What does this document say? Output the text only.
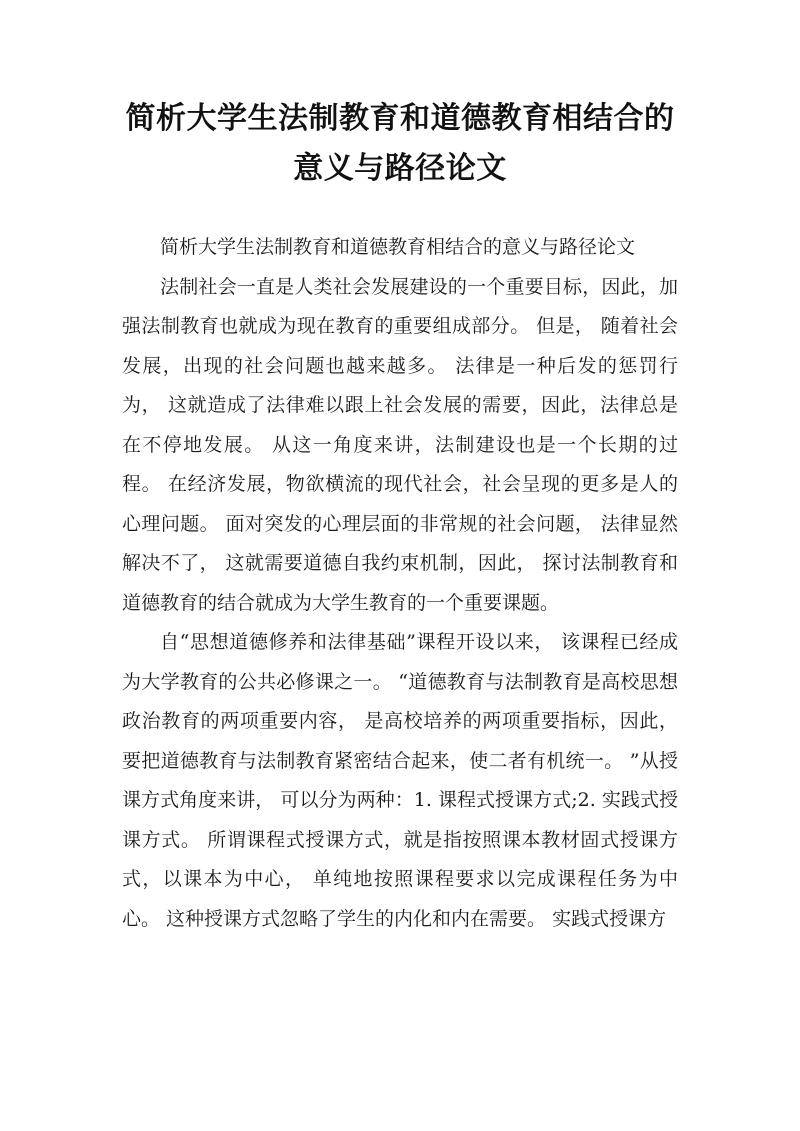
简析大学生法制教育和道德教育相结合的
意义与路径论文

简析大学生法制教育和道德教育相结合的意义与路径论文

法制社会一直是人类社会发展建设的一个重要目标，因此，加强法制教育也就成为现在教育的重要组成部分。 但是， 随着社会发展，出现的社会问题也越来越多。 法律是一种后发的惩罚行为， 这就造成了法律难以跟上社会发展的需要，因此，法律总是在不停地发展。 从这一角度来讲，法制建设也是一个长期的过程。 在经济发展，物欲横流的现代社会，社会呈现的更多是人的心理问题。 面对突发的心理层面的非常规的社会问题， 法律显然解决不了， 这就需要道德自我约束机制，因此， 探讨法制教育和道德教育的结合就成为大学生教育的一个重要课题。

自“思想道德修养和法律基础”课程开设以来， 该课程已经成为大学教育的公共必修课之一。 “道德教育与法制教育是高校思想政治教育的两项重要内容， 是高校培养的两项重要指标，因此，要把道德教育与法制教育紧密结合起来，使二者有机统一。 ”从授课方式角度来讲， 可以分为两种：1. 课程式授课方式;2. 实践式授课方式。 所谓课程式授课方式，就是指按照课本教材固式授课方式，以课本为中心， 单纯地按照课程要求以完成课程任务为中心。 这种授课方式忽略了学生的内化和内在需要。 实践式授课方
